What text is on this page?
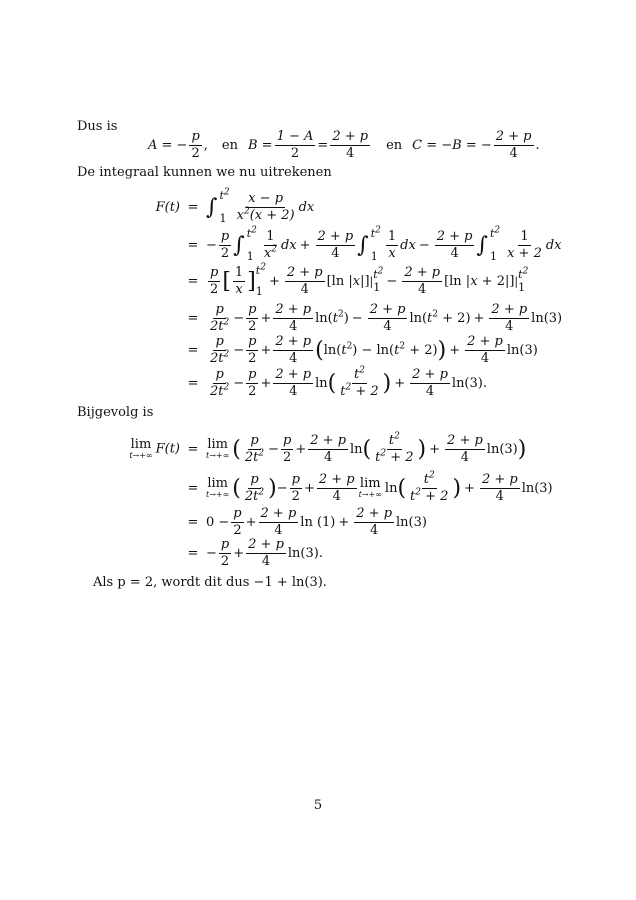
Dus is
A = − $\frac{p}{2}$ , en $B = \frac{1 - A}{2} = \frac{2 + p}{4}$ en C = −B = − $\frac{2 + p}{4}$ .
De integraal kunnen we nu uitrekenen
F(t) = ∫ $t^2$
$1 \frac{x - p}{x^2(x + 2)}$ dx
= − $\frac{p}{2}$ ∫ $t^2$
$1 \frac{1}{x^2}$ dx + $\frac{2 + p}{4}$ ∫ $t^2$
$1 \frac{1}{x}$ dx − $\frac{2 + p}{4}$ ∫ $t^2$
$1 \frac{1}{x + 2}$ dx
= $\frac{p}{2}$ [ $\frac{1}{x}$ ] $t^2$
1
+ $\frac{2 + p}{4} [\ln$ |x|]| $t^2$
$1 - \frac{2 + p}{4} [\ln$ |x + 2|]| $t^2$
1
= $\frac{p}{2t^2} - \frac{p}{2} + \frac{2 + p}{4} \ln(t^2) - \frac{2 + p}{4} \ln(t^2 + 2) + \frac{2 + p}{4} \ln(3)$
= $\frac{p}{2t^2} - \frac{p}{2} + \frac{2 + p}{4}$ ( $\ln(t^2) - \ln(t^2 + 2)$ ) + $\frac{2 + p}{4} \ln(3)$
= $\frac{p}{2t^2} - \frac{p}{2} + \frac{2 + p}{4}$ ln ( $\frac{t^2}{t^2 + 2}$ ) + $\frac{2 + p}{4} \ln(3)$.
Bijgevolg is
lim
t→+∞ F(t) = lim
t→+∞ ( $\frac{p}{2t^2} - \frac{p}{2} + \frac{2 + p}{4}$ ln ( $\frac{t^2}{t^2 + 2}$ ) + $\frac{2 + p}{4} \ln(3)$ )
= lim
t→+∞ ( $\frac{p}{2t^2}$ ) − $\frac{p}{2} + \frac{2 + p}{4}$ lim
t→+∞ ln ( $\frac{t^2}{t^2 + 2}$ ) + $\frac{2 + p}{4} \ln(3)$
= $0 - \frac{p}{2} + \frac{2 + p}{4}$ $\ln (1) + \frac{2 + p}{4} \ln(3)$
= − $\frac{p}{2} + \frac{2 + p}{4} \ln(3)$.
Als p = 2, wordt dit dus −1 + ln(3).
5
